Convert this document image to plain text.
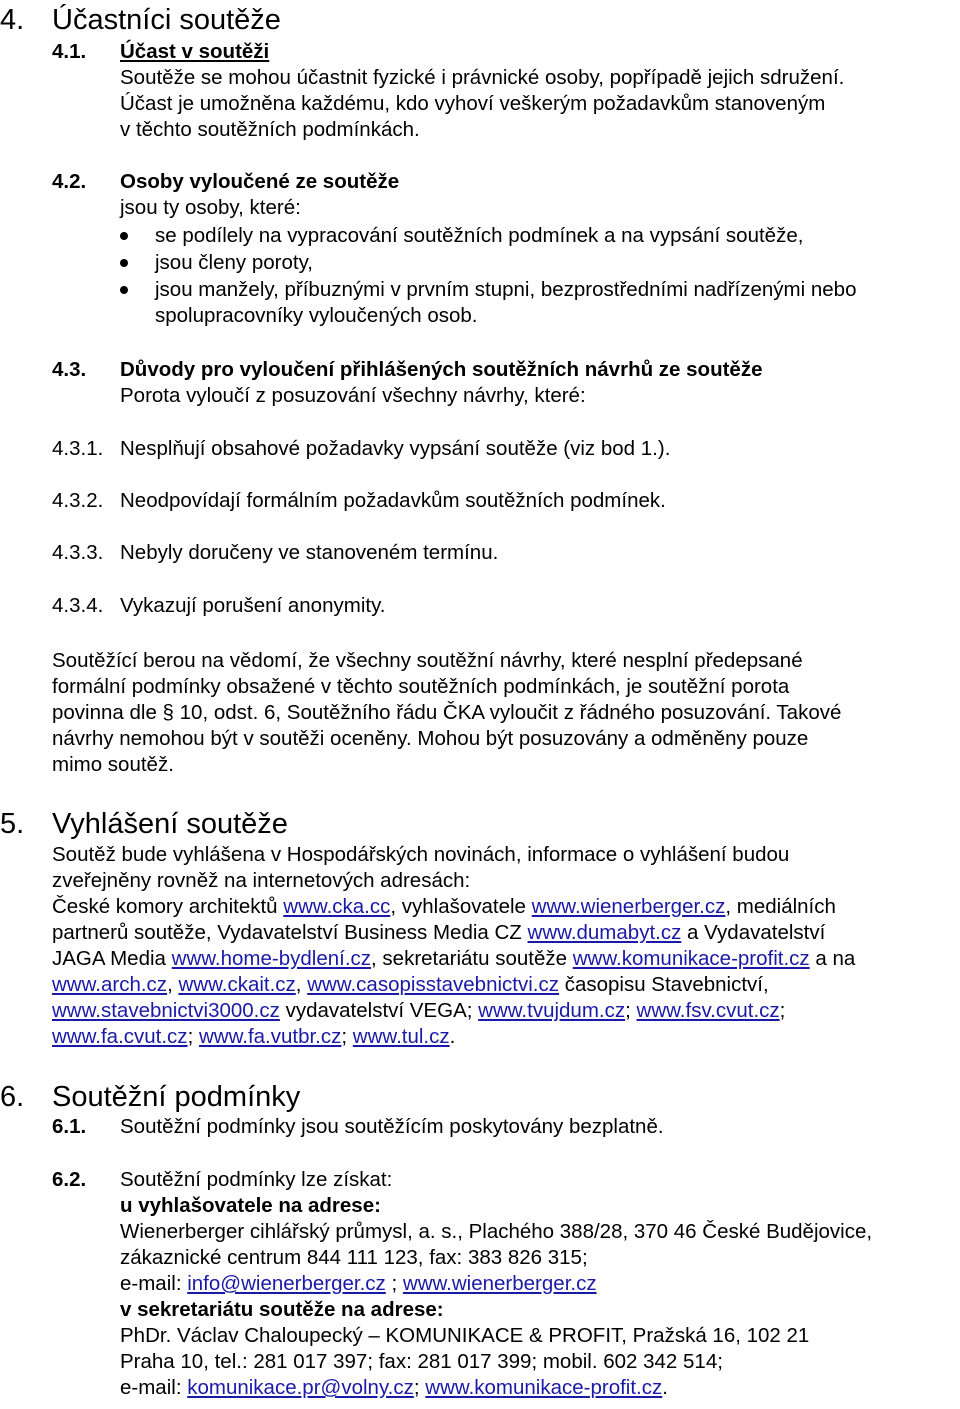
4. Účastníci soutěže
4.1. Účast v soutěži
Soutěže se mohou účastnit fyzické i právnické osoby, popřípadě jejich sdružení.
Účast je umožněna každému, kdo vyhoví veškerým požadavkům stanoveným
v těchto soutěžních podmínkách.
4.2. Osoby vyloučené ze soutěže
jsou ty osoby, které:
se podílely na vypracování soutěžních podmínek a na vypsání soutěže,
jsou členy poroty,
jsou manžely, příbuznými v prvním stupni, bezprostředními nadřízenými nebo
spolupracovníky vyloučených osob.
4.3. Důvody pro vyloučení přihlášených soutěžních návrhů ze soutěže
Porota vyloučí z posuzování všechny návrhy, které:
4.3.1. Nesplňují obsahové požadavky vypsání soutěže (viz bod 1.).
4.3.2. Neodpovídají formálním požadavkům soutěžních podmínek.
4.3.3. Nebyly doručeny ve stanoveném termínu.
4.3.4. Vykazují porušení anonymity.
Soutěžící berou na vědomí, že všechny soutěžní návrhy, které nesplní předepsané
formální podmínky obsažené v těchto soutěžních podmínkách, je soutěžní porota
povinna dle § 10, odst. 6, Soutěžního řádu ČKA vyloučit z řádného posuzování. Takové
návrhy nemohou být v soutěži oceněny. Mohou být posuzovány a odměněny pouze
mimo soutěž.
5. Vyhlášení soutěže
Soutěž bude vyhlášena v Hospodářských novinách, informace o vyhlášení budou
zveřejněny rovněž na internetových adresách:
České komory architektů www.cka.cc, vyhlašovatele www.wienerberger.cz, mediálních
partnerů soutěže, Vydavatelství Business Media CZ www.dumabyt.cz a Vydavatelství
JAGA Media www.home-bydlení.cz, sekretariátu soutěže www.komunikace-profit.cz a na
www.arch.cz, www.ckait.cz, www.casopisstavebnictvi.cz časopisu Stavebnictví,
www.stavebnictvi3000.cz vydavatelství VEGA; www.tvujdum.cz; www.fsv.cvut.cz;
www.fa.cvut.cz; www.fa.vutbr.cz; www.tul.cz.
6. Soutěžní podmínky
6.1. Soutěžní podmínky jsou soutěžícím poskytovány bezplatně.
6.2. Soutěžní podmínky lze získat:
u vyhlašovatele na adrese:
Wienerberger cihlářský průmysl, a. s., Plachého 388/28, 370 46 České Budějovice,
zákaznické centrum 844 111 123, fax: 383 826 315;
e-mail: info@wienerberger.cz ; www.wienerberger.cz
v sekretariátu soutěže na adrese:
PhDr. Václav Chaloupecký – KOMUNIKACE & PROFIT, Pražská 16, 102 21
Praha 10, tel.: 281 017 397; fax: 281 017 399; mobil. 602 342 514;
e-mail: komunikace.pr@volny.cz; www.komunikace-profit.cz.
